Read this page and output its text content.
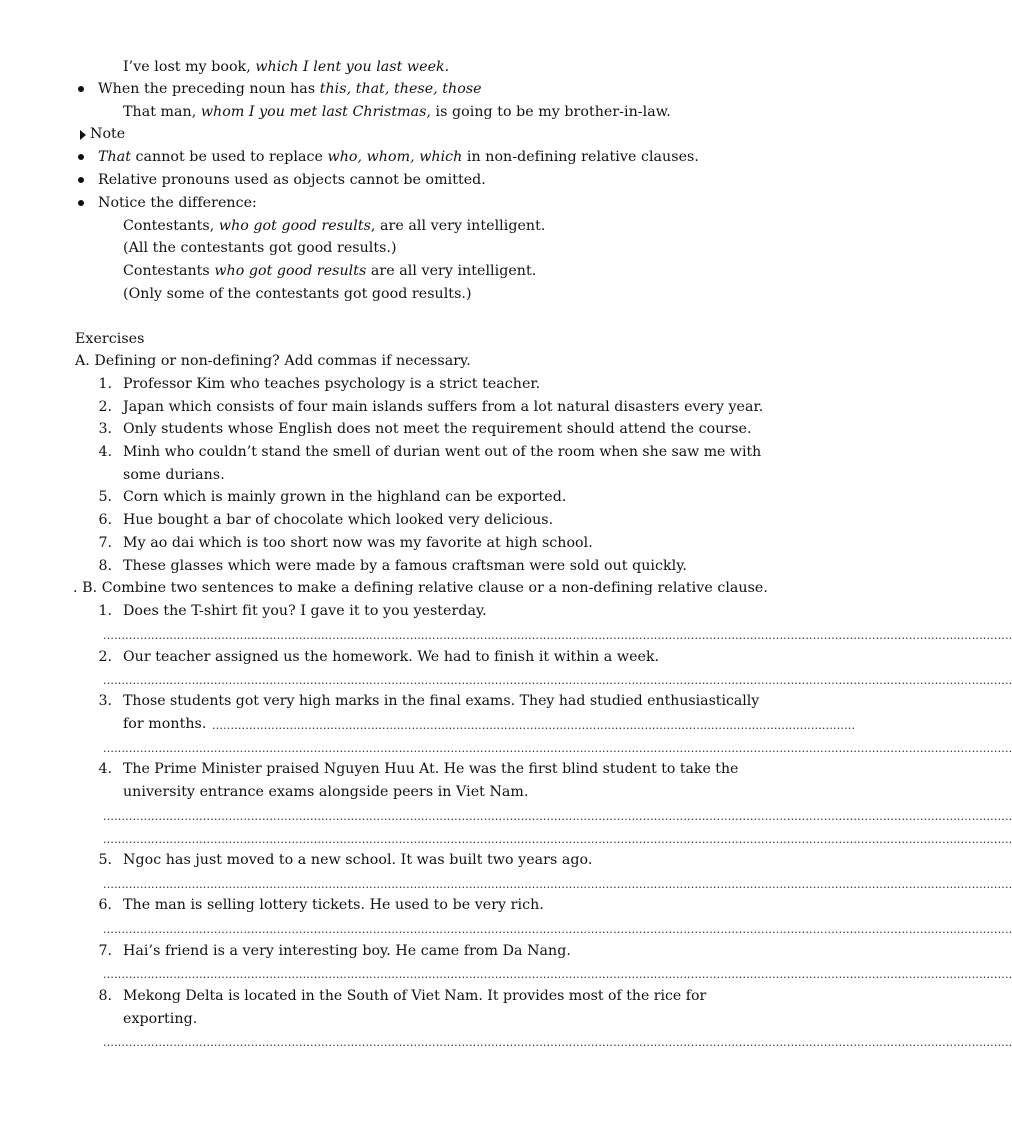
I’ve lost my book, which I lent you last week.
When the preceding noun has this, that, these, those
That man, whom I you met last Christmas, is going to be my brother-in-law.
Note
That cannot be used to replace who, whom, which in non-defining relative clauses.
Relative pronouns used as objects cannot be omitted.
Notice the difference:
Contestants, who got good results, are all very intelligent.
(All the contestants got good results.)
Contestants who got good results are all very intelligent.
(Only some of the contestants got good results.)
Exercises
A. Defining or non-defining? Add commas if necessary.
1. Professor Kim who teaches psychology is a strict teacher.
2. Japan which consists of four main islands suffers from a lot natural disasters every year.
3. Only students whose English does not meet the requirement should attend the course.
4. Minh who couldn’t stand the smell of durian went out of the room when she saw me with
some durians.
5. Corn which is mainly grown in the highland can be exported.
6. Hue bought a bar of chocolate which looked very delicious.
7. My ao dai which is too short now was my favorite at high school.
8. These glasses which were made by a famous craftsman were sold out quickly.
. B. Combine two sentences to make a defining relative clause or a non-defining relative clause.
1. Does the T-shirt fit you? I gave it to you yesterday.
......................................................................................................................................................................................................................................................
2. Our teacher assigned us the homework. We had to finish it within a week.
......................................................................................................................................................................................................................................................
3. Those students got very high marks in the final exams. They had studied enthusiastically
for months. ..............................................................................................................................................................................
......................................................................................................................................................................................................................................................
4. The Prime Minister praised Nguyen Huu At. He was the first blind student to take the
university entrance exams alongside peers in Viet Nam.
......................................................................................................................................................................................................................................................
......................................................................................................................................................................................................................................................
5. Ngoc has just moved to a new school. It was built two years ago.
......................................................................................................................................................................................................................................................
6. The man is selling lottery tickets. He used to be very rich.
......................................................................................................................................................................................................................................................
7. Hai’s friend is a very interesting boy. He came from Da Nang.
......................................................................................................................................................................................................................................................
8. Mekong Delta is located in the South of Viet Nam. It provides most of the rice for
exporting.
......................................................................................................................................................................................................................................................
